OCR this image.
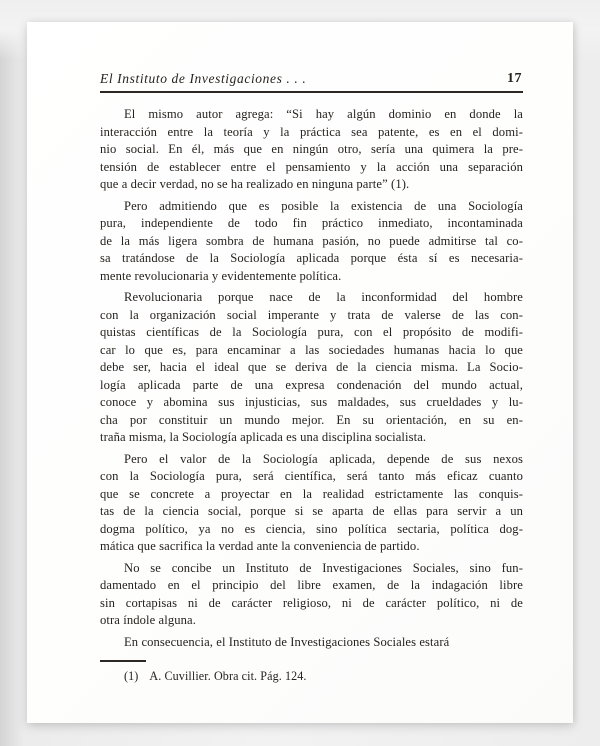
El Instituto de Investigaciones . . .	17
El mismo autor agrega: “Si hay algún dominio en donde la
interacción entre la teoría y la práctica sea patente, es en el domi-
nio social. En él, más que en ningún otro, sería una quimera la pre-
tensión de establecer entre el pensamiento y la acción una separación
que a decir verdad, no se ha realizado en ninguna parte” (1).
Pero admitiendo que es posible la existencia de una Sociología
pura, independiente de todo fin práctico inmediato, incontaminada
de la más ligera sombra de humana pasión, no puede admitirse tal co-
sa tratándose de la Sociología aplicada porque ésta sí es necesaria-
mente revolucionaria y evidentemente política.
Revolucionaria porque nace de la inconformidad del hombre
con la organización social imperante y trata de valerse de las con-
quistas científicas de la Sociología pura, con el propósito de modifi-
car lo que es, para encaminar a las sociedades humanas hacia lo que
debe ser, hacia el ideal que se deriva de la ciencia misma. La Socio-
logía aplicada parte de una expresa condenación del mundo actual,
conoce y abomina sus injusticias, sus maldades, sus crueldades y lu-
cha por constituir un mundo mejor. En su orientación, en su en-
traña misma, la Sociología aplicada es una disciplina socialista.
Pero el valor de la Sociología aplicada, depende de sus nexos
con la Sociología pura, será científica, será tanto más eficaz cuanto
que se concrete a proyectar en la realidad estrictamente las conquis-
tas de la ciencia social, porque si se aparta de ellas para servir a un
dogma político, ya no es ciencia, sino política sectaria, política dog-
mática que sacrifica la verdad ante la conveniencia de partido.
No se concibe un Instituto de Investigaciones Sociales, sino fun-
damentado en el principio del libre examen, de la indagación libre
sin cortapisas ni de carácter religioso, ni de carácter político, ni de
otra índole alguna.
En consecuencia, el Instituto de Investigaciones Sociales estará
(1) A. Cuvillier. Obra cit. Pág. 124.
